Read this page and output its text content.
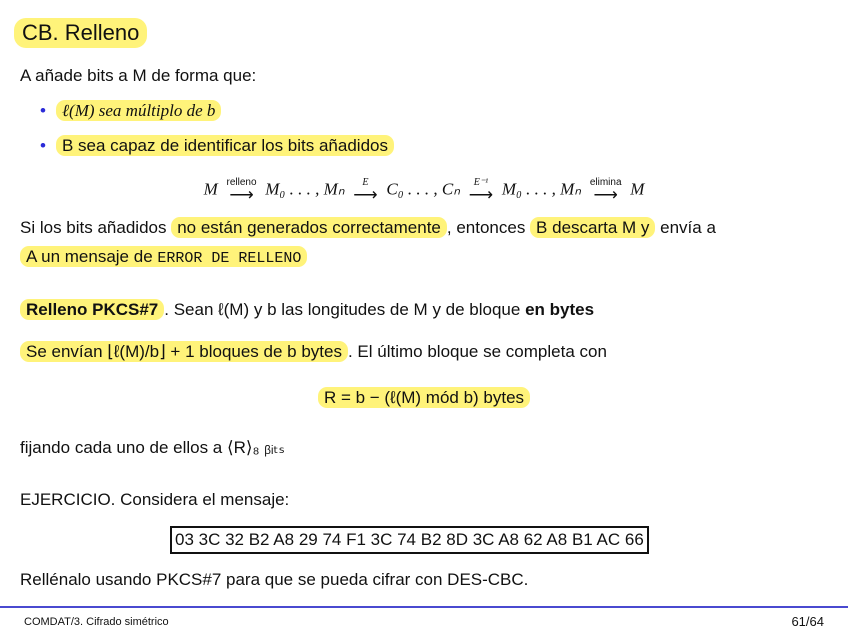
CB. Relleno
A añade bits a M de forma que:
• ℓ(M) sea múltiplo de b
• B sea capaz de identificar los bits añadidos
M relleno
⟶ M₀ . . . , Mₙ E
⟶ C₀ . . . , Cₙ E⁻¹
⟶ M₀ . . . , Mₙ elimina
⟶ M
Si los bits añadidos no están generados correctamente , entonces B descarta M y envía a
A un mensaje de ERROR DE RELLENO
Relleno PKCS#7 . Sean ℓ(M) y b las longitudes de M y de bloque en bytes
Se envían ⌊ℓ(M)/b⌋ + 1 bloques de b bytes . El último bloque se completa con
R = b − (ℓ(M) mód b) bytes
fijando cada uno de ellos a ⟨R⟩₈ ᵦᵢₜₛ
EJERCICIO. Considera el mensaje:
03 3C 32 B2 A8 29 74 F1 3C 74 B2 8D 3C A8 62 A8 B1 AC 66
Rellénalo usando PKCS#7 para que se pueda cifrar con DES-CBC.
COMDAT/3. Cifrado simétrico	61/64
